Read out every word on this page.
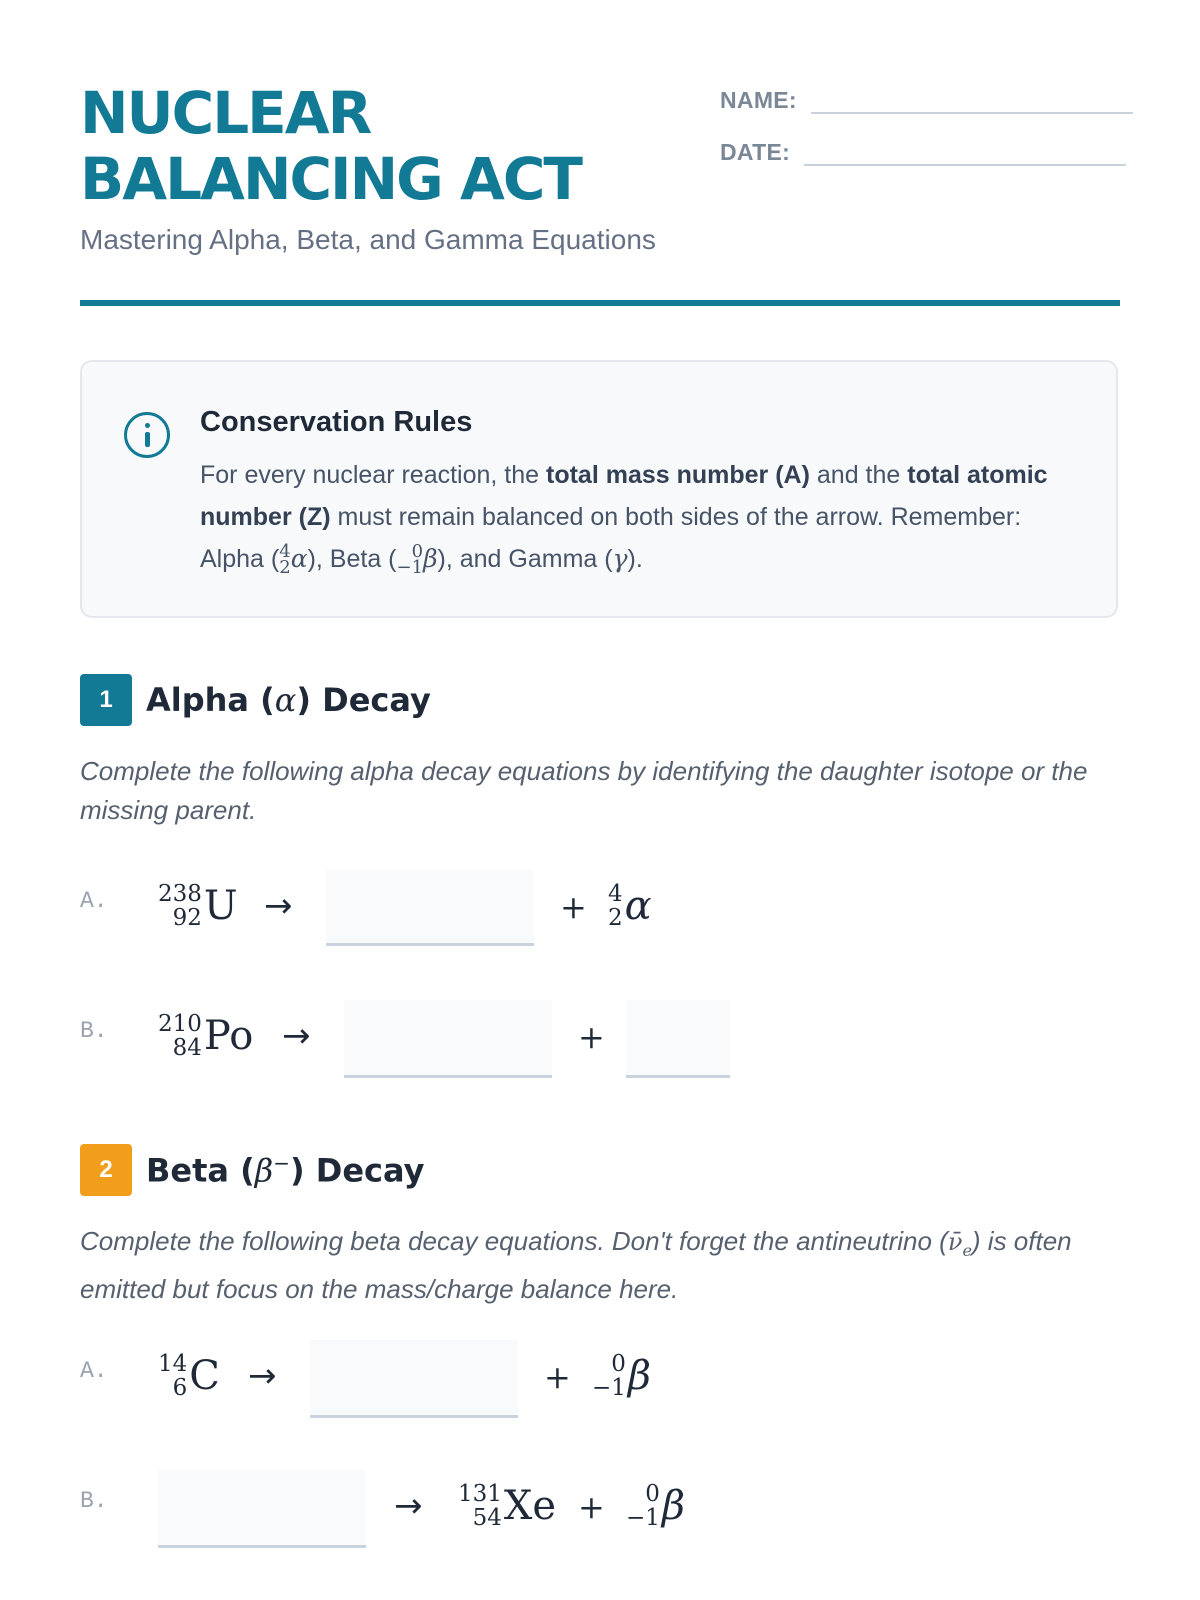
NUCLEAR
BALANCING ACT

Mastering Alpha, Beta, and Gamma Equations

NAME:
DATE:
Conservation Rules

For every nuclear reaction, the total mass number (A) and the total atomic number (Z) must remain balanced on both sides of the arrow. Remember:
Alpha ( 4
2 α), Beta ( 0
−1 β), and Gamma (γ).

1	Alpha (α) Decay

Complete the following alpha decay equations by identifying the daughter isotope or the missing parent.

A. 238
92 U →	+ 4
2 α
B. 210
84 Po →	+
2	Beta (β−) Decay

Complete the following beta decay equations. Don't forget the antineutrino $(\nū_e)$ is often emitted but focus on the mass/charge balance here.

A. 14
6 C →	+ 0
−1 β
B.	→ 131
54 Xe + 0
−1 β
